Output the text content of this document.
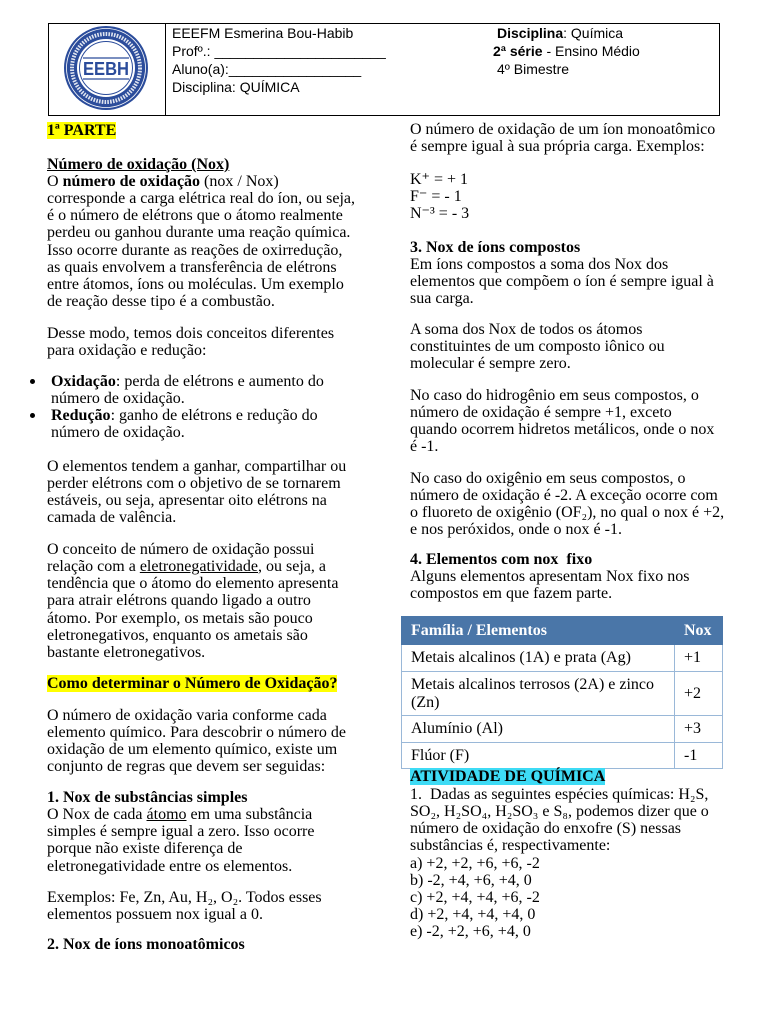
EEBH
EEEFM Esmerina Bou-Habib	Disciplina: Química
Profº.: ______________________	2ª série - Ensino Médio
Aluno(a):_________________	4º Bimestre
Disciplina: QUÍMICA
1ª PARTE
Número de oxidação (Nox)
O número de oxidação (nox / Nox)
corresponde a carga elétrica real do íon, ou seja,
é o número de elétrons que o átomo realmente
perdeu ou ganhou durante uma reação química.
Isso ocorre durante as reações de oxirredução,
as quais envolvem a transferência de elétrons
entre átomos, íons ou moléculas. Um exemplo
de reação desse tipo é a combustão.
Desse modo, temos dois conceitos diferentes
para oxidação e redução:
Oxidação: perda de elétrons e aumento do
número de oxidação.
Redução: ganho de elétrons e redução do
número de oxidação.
O elementos tendem a ganhar, compartilhar ou
perder elétrons com o objetivo de se tornarem
estáveis, ou seja, apresentar oito elétrons na
camada de valência.
O conceito de número de oxidação possui
relação com a eletronegatividade, ou seja, a
tendência que o átomo do elemento apresenta
para atrair elétrons quando ligado a outro
átomo. Por exemplo, os metais são pouco
eletronegativos, enquanto os ametais são
bastante eletronegativos.
Como determinar o Número de Oxidação?
O número de oxidação varia conforme cada
elemento químico. Para descobrir o número de
oxidação de um elemento químico, existe um
conjunto de regras que devem ser seguidas:
1. Nox de substâncias simples
O Nox de cada átomo em uma substância
simples é sempre igual a zero. Isso ocorre
porque não existe diferença de
eletronegatividade entre os elementos.
Exemplos: Fe, Zn, Au, H₂, O₂. Todos esses
elementos possuem nox igual a 0.
2. Nox de íons monoatômicos
O número de oxidação de um íon monoatômico
é sempre igual à sua própria carga. Exemplos:
K⁺ = + 1
F⁻ = - 1
N⁻³ = - 3
3. Nox de íons compostos
Em íons compostos a soma dos Nox dos
elementos que compõem o íon é sempre igual à
sua carga.
A soma dos Nox de todos os átomos
constituintes de um composto iônico ou
molecular é sempre zero.
No caso do hidrogênio em seus compostos, o
número de oxidação é sempre +1, exceto
quando ocorrem hidretos metálicos, onde o nox
é -1.
No caso do oxigênio em seus compostos, o
número de oxidação é -2. A exceção ocorre com
o fluoreto de oxigênio (OF₂), no qual o nox é +2,
e nos peróxidos, onde o nox é -1.
4. Elementos com nox  fixo
Alguns elementos apresentam Nox fixo nos
compostos em que fazem parte.
Família / Elementos	Nox
Metais alcalinos (1A) e prata (Ag)	+1
Metais alcalinos terrosos (2A) e zinco (Zn)	+2
Alumínio (Al)	+3
Flúor (F)	-1
ATIVIDADE DE QUÍMICA
1.  Dadas as seguintes espécies químicas: H₂S,
SO₂, H₂SO₄, H₂SO₃ e S₈, podemos dizer que o
número de oxidação do enxofre (S) nessas
substâncias é, respectivamente:
a) +2, +2, +6, +6, -2
b) -2, +4, +6, +4, 0
c) +2, +4, +4, +6, -2
d) +2, +4, +4, +4, 0
e) -2, +2, +6, +4, 0
